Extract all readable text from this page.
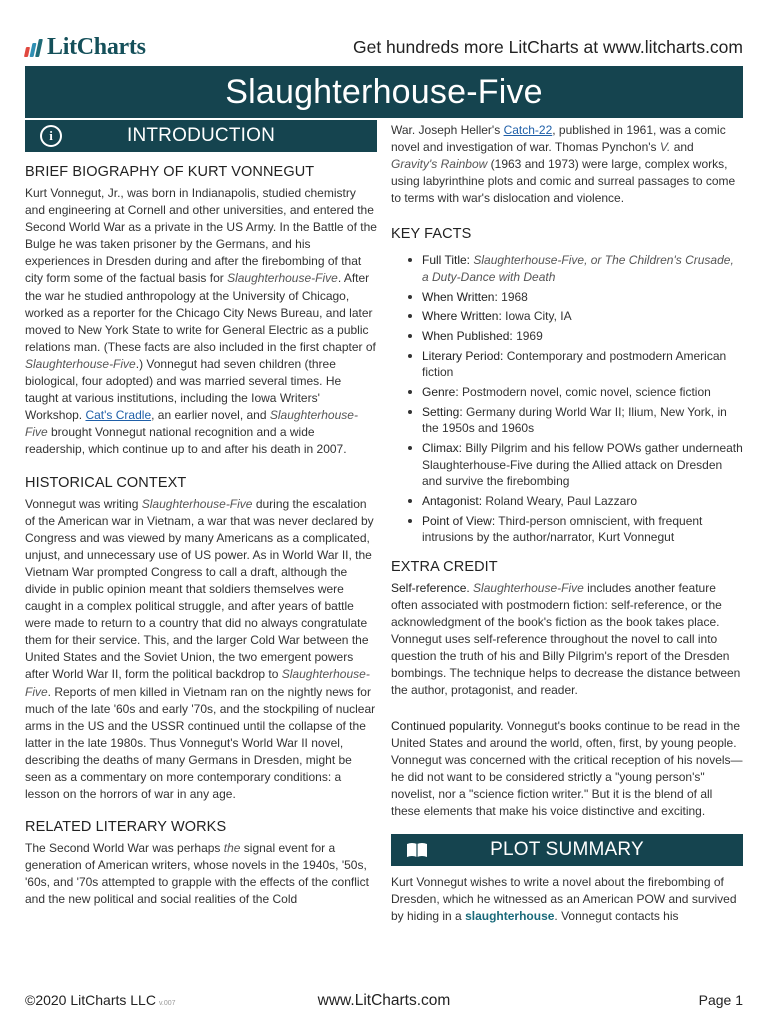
LitCharts	Get hundreds more LitCharts at www.litcharts.com
Slaughterhouse-Five
i	INTRODUCTION
BRIEF BIOGRAPHY OF KURT VONNEGUT

Kurt Vonnegut, Jr., was born in Indianapolis, studied chemistry and engineering at Cornell and other universities, and entered the Second World War as a private in the US Army. In the Battle of the Bulge he was taken prisoner by the Germans, and his experiences in Dresden during and after the firebombing of that city form some of the factual basis for Slaughterhouse-Five. After the war he studied anthropology at the University of Chicago, worked as a reporter for the Chicago City News Bureau, and later moved to New York State to write for General Electric as a public relations man. (These facts are also included in the first chapter of Slaughterhouse-Five.) Vonnegut had seven children (three biological, four adopted) and was married several times. He taught at various institutions, including the Iowa Writers' Workshop. Cat's Cradle, an earlier novel, and Slaughterhouse-Five brought Vonnegut national recognition and a wide readership, which continue up to and after his death in 2007.

HISTORICAL CONTEXT

Vonnegut was writing Slaughterhouse-Five during the escalation of the American war in Vietnam, a war that was never declared by Congress and was viewed by many Americans as a complicated, unjust, and unnecessary use of US power. As in World War II, the Vietnam War prompted Congress to call a draft, although the divide in public opinion meant that soldiers themselves were caught in a complex political struggle, and after years of battle were made to return to a country that did no always congratulate them for their service. This, and the larger Cold War between the United States and the Soviet Union, the two emergent powers after World War II, form the political backdrop to Slaughterhouse-Five. Reports of men killed in Vietnam ran on the nightly news for much of the late '60s and early '70s, and the stockpiling of nuclear arms in the US and the USSR continued until the collapse of the latter in the late 1980s. Thus Vonnegut's World War II novel, describing the deaths of many Germans in Dresden, might be seen as a commentary on more contemporary conditions: a lesson on the horrors of war in any age.

RELATED LITERARY WORKS

The Second World War was perhaps the signal event for a generation of American writers, whose novels in the 1940s, '50s, '60s, and '70s attempted to grapple with the effects of the conflict and the new political and social realities of the Cold

War. Joseph Heller's Catch-22, published in 1961, was a comic novel and investigation of war. Thomas Pynchon's V. and Gravity's Rainbow (1963 and 1973) were large, complex works, using labyrinthine plots and comic and surreal passages to come to terms with war's dislocation and violence.

KEY FACTS
Full Title: Slaughterhouse-Five, or The Children's Crusade, a Duty-Dance with Death
When Written: 1968
Where Written: Iowa City, IA
When Published: 1969
Literary Period: Contemporary and postmodern American fiction
Genre: Postmodern novel, comic novel, science fiction
Setting: Germany during World War II; Ilium, New York, in the 1950s and 1960s
Climax: Billy Pilgrim and his fellow POWs gather underneath Slaughterhouse-Five during the Allied attack on Dresden and survive the firebombing
Antagonist: Roland Weary, Paul Lazzaro
Point of View: Third-person omniscient, with frequent intrusions by the author/narrator, Kurt Vonnegut
EXTRA CREDIT

Self-reference. Slaughterhouse-Five includes another feature often associated with postmodern fiction: self-reference, or the acknowledgment of the book's fiction as the book takes place. Vonnegut uses self-reference throughout the novel to call into question the truth of his and Billy Pilgrim's report of the Dresden bombings. The technique helps to decrease the distance between the author, protagonist, and reader.

Continued popularity. Vonnegut's books continue to be read in the United States and around the world, often, first, by young people. Vonnegut was concerned with the critical reception of his novels—he did not want to be considered strictly a "young person's" novelist, nor a "science fiction writer." But it is the blend of all these elements that make his voice distinctive and exciting.

PLOT SUMMARY

Kurt Vonnegut wishes to write a novel about the firebombing of Dresden, which he witnessed as an American POW and survived by hiding in a slaughterhouse. Vonnegut contacts his

www.LitCharts.com
©2020 LitCharts LLC v.007	Page 1
